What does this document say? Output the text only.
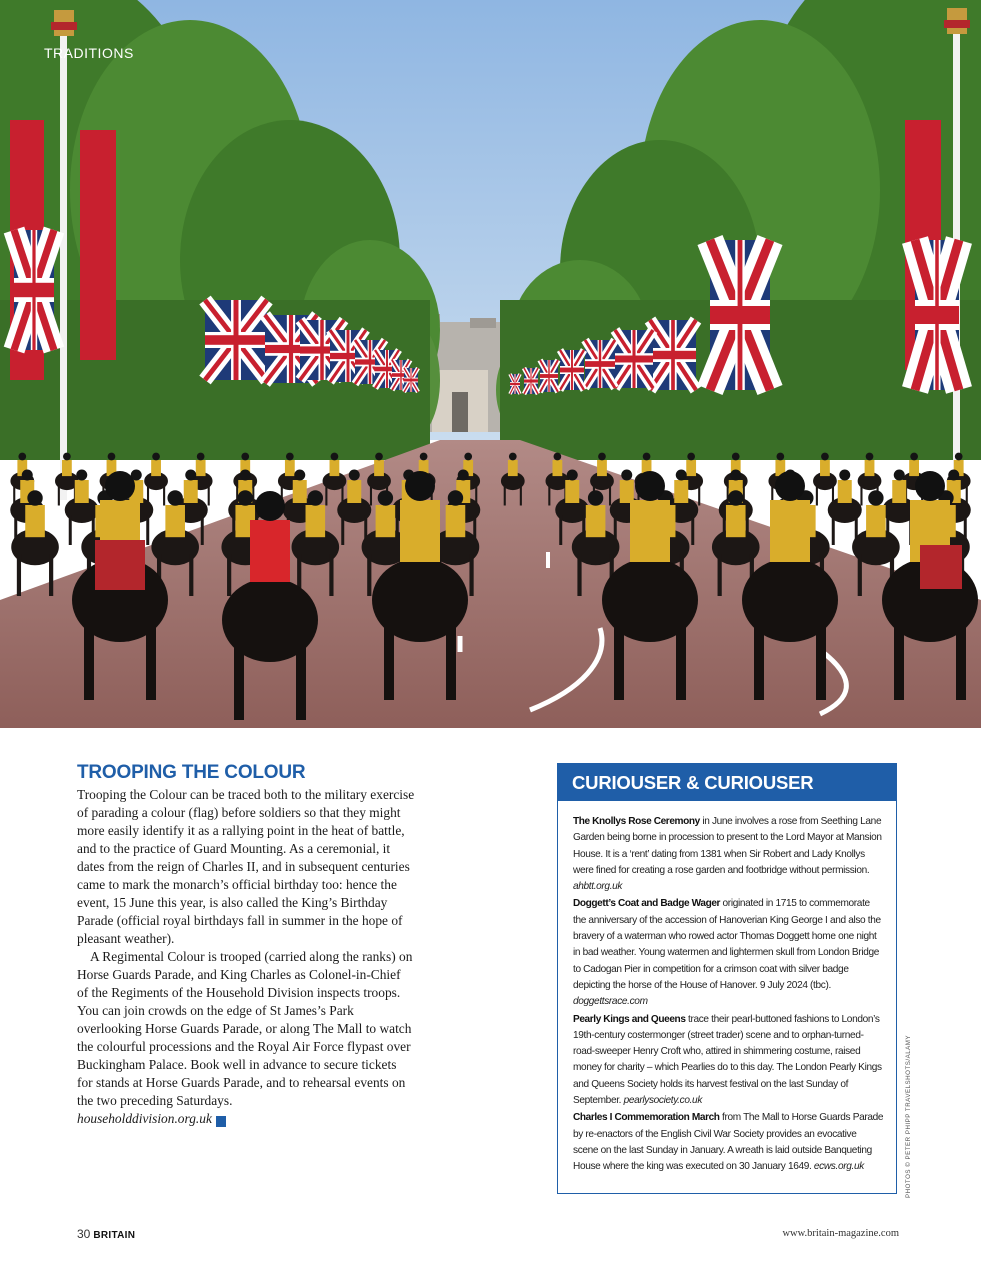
TRADITIONS
TROOPING THE COLOUR

Trooping the Colour can be traced both to the military exercise of parading a colour (flag) before soldiers so that they might more easily identify it as a rallying point in the heat of battle, and to the practice of Guard Mounting. As a ceremonial, it dates from the reign of Charles II, and in subsequent centuries came to mark the monarch’s official birthday too: hence the event, 15 June this year, is also called the King’s Birthday Parade (official royal birthdays fall in summer in the hope of pleasant weather).

A Regimental Colour is trooped (carried along the ranks) on Horse Guards Parade, and King Charles as Colonel-in-Chief of the Regiments of the Household Division inspects troops. You can join crowds on the edge of St James’s Park overlooking Horse Guards Parade, or along The Mall to watch the colourful processions and the Royal Air Force flypast over Buckingham Palace. Book well in advance to secure tickets for stands at Horse Guards Parade, and to rehearsal events on the two preceding Saturdays.
householddivision.org.uk B

CURIOUSER & CURIOUSER
The Knollys Rose Ceremony in June involves a rose from Seething Lane Garden being borne in procession to present to the Lord Mayor at Mansion House. It is a ‘rent’ dating from 1381 when Sir Robert and Lady Knollys were fined for creating a rose garden and footbridge without permission. ahbtt.org.uk
Doggett’s Coat and Badge Wager originated in 1715 to commemorate the anniversary of the accession of Hanoverian King George I and also the bravery of a waterman who rowed actor Thomas Doggett home one night in bad weather. Young watermen and lightermen skull from London Bridge to Cadogan Pier in competition for a crimson coat with silver badge depicting the horse of the House of Hanover. 9 July 2024 (tbc). doggettsrace.com
Pearly Kings and Queens trace their pearl-buttoned fashions to London’s 19th-century costermonger (street trader) scene and to orphan-turned-road-sweeper Henry Croft who, attired in shimmering costume, raised money for charity – which Pearlies do to this day. The London Pearly Kings and Queens Society holds its harvest festival on the last Sunday of September. pearlysociety.co.uk
Charles I Commemoration March from The Mall to Horse Guards Parade by re-enactors of the English Civil War Society provides an evocative scene on the last Sunday in January. A wreath is laid outside Banqueting House where the king was executed on 30 January 1649. ecws.org.uk	PHOTOS © PETER PHIPP TRAVELSHOTS/ALAMY
30 BRITAIN	www.britain-magazine.com
